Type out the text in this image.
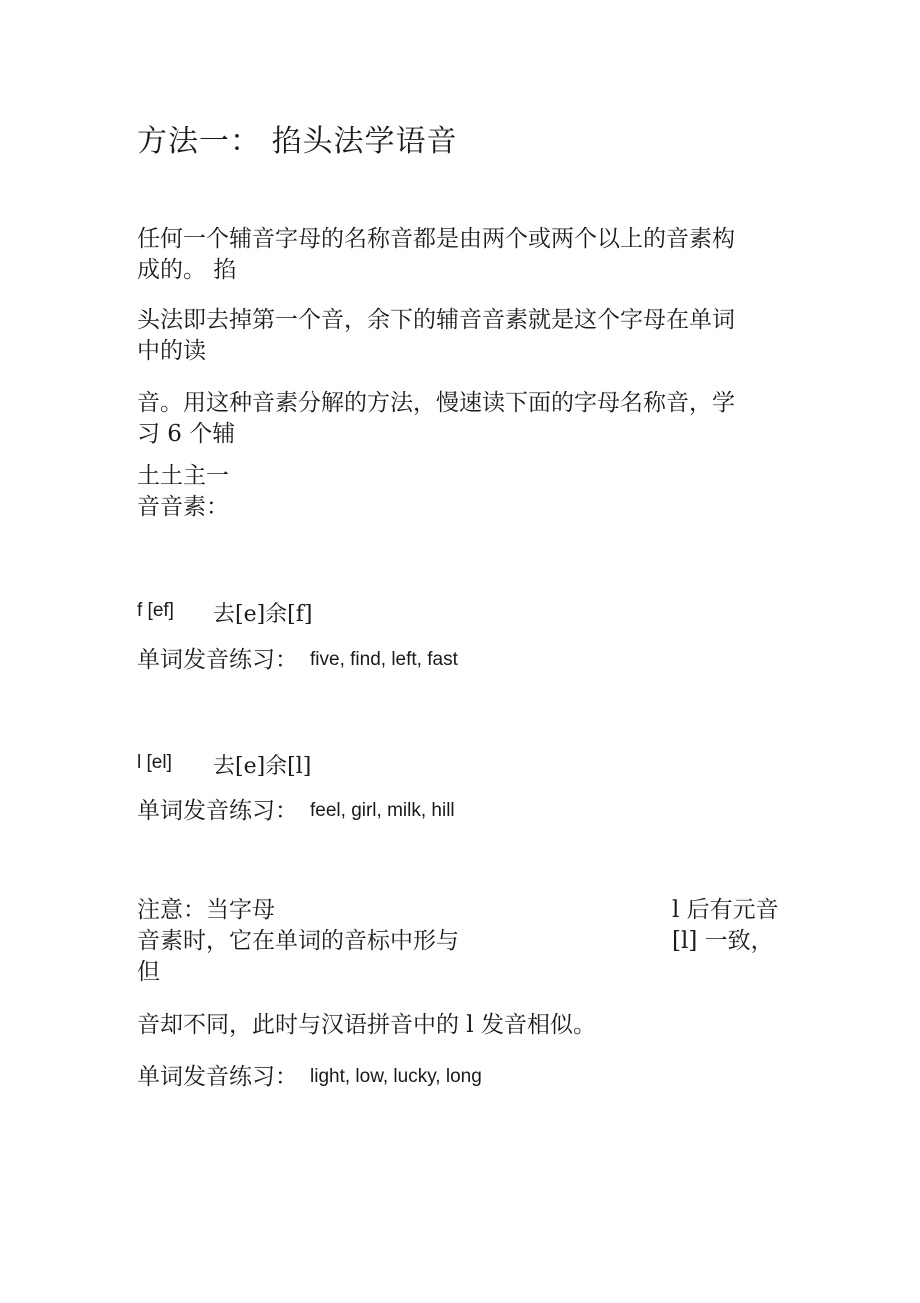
方法一： 掐头法学语音
任何一个辅音字母的名称音都是由两个或两个以上的音素构
成的。 掐
头法即去掉第一个音，余下的辅音音素就是这个字母在单词
中的读
音。用这种音素分解的方法，慢速读下面的字母名称音，学
习 6 个辅
土土主一
音音素：
f [ef] 去[e]余[f]
单词发音练习： five, find, left, fast
l [el] 去[e]余[l]
单词发音练习： feel, girl, milk, hill
注意：当字母	l 后有元音
音素时，它在单词的音标中形与	[l] 一致，
但
音却不同，此时与汉语拼音中的 l 发音相似。
单词发音练习： light, low, lucky, long
